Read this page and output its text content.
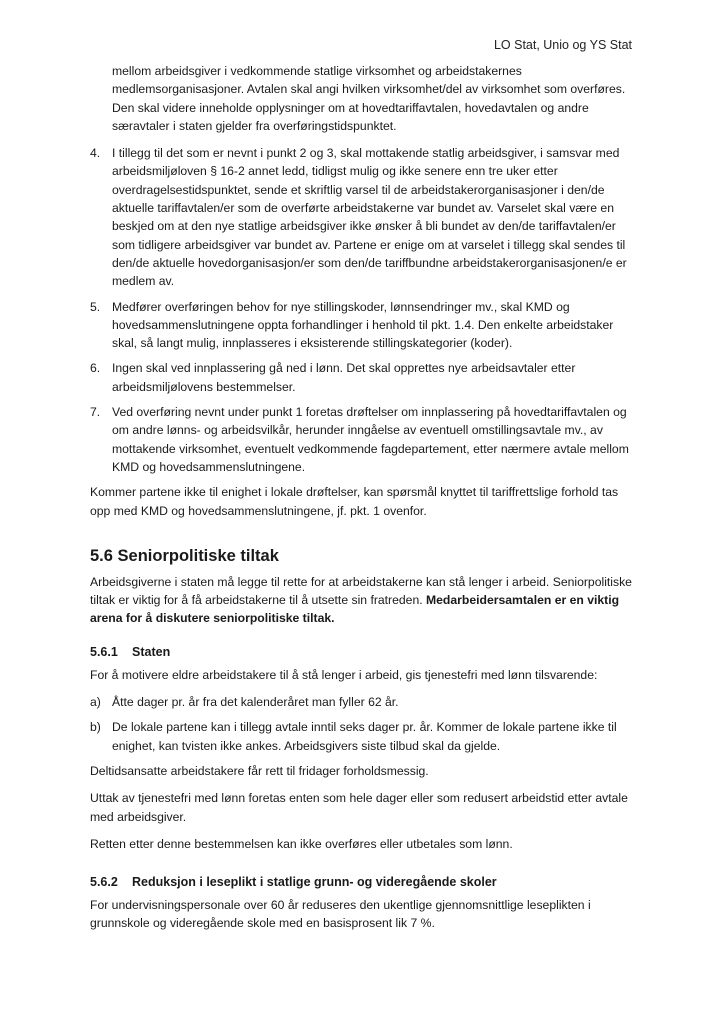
LO Stat, Unio og YS Stat

mellom arbeidsgiver i vedkommende statlige virksomhet og arbeidstakernes medlemsorganisasjoner. Avtalen skal angi hvilken virksomhet/del av virksomhet som overføres. Den skal videre inneholde opplysninger om at hovedtariffavtalen, hovedavtalen og andre særavtaler i staten gjelder fra overføringstidspunktet.

4. I tillegg til det som er nevnt i punkt 2 og 3, skal mottakende statlig arbeidsgiver, i samsvar med arbeidsmiljøloven § 16-2 annet ledd, tidligst mulig og ikke senere enn tre uker etter overdragelsestidspunktet, sende et skriftlig varsel til de arbeidstakerorganisasjoner i den/de aktuelle tariffavtalen/er som de overførte arbeidstakerne var bundet av. Varselet skal være en beskjed om at den nye statlige arbeidsgiver ikke ønsker å bli bundet av den/de tariffavtalen/er som tidligere arbeidsgiver var bundet av. Partene er enige om at varselet i tillegg skal sendes til den/de aktuelle hovedorganisasjon/er som den/de tariffbundne arbeidstakerorganisasjonen/e er medlem av.
5. Medfører overføringen behov for nye stillingskoder, lønnsendringer mv., skal KMD og hovedsammenslutningene oppta forhandlinger i henhold til pkt. 1.4. Den enkelte arbeidstaker skal, så langt mulig, innplasseres i eksisterende stillingskategorier (koder).
6. Ingen skal ved innplassering gå ned i lønn. Det skal opprettes nye arbeidsavtaler etter arbeidsmiljølovens bestemmelser.
7. Ved overføring nevnt under punkt 1 foretas drøftelser om innplassering på hovedtariffavtalen og om andre lønns- og arbeidsvilkår, herunder inngåelse av eventuell omstillingsavtale mv., av mottakende virksomhet, eventuelt vedkommende fagdepartement, etter nærmere avtale mellom KMD og hovedsammenslutningene.

Kommer partene ikke til enighet i lokale drøftelser, kan spørsmål knyttet til tariffrettslige forhold tas opp med KMD og hovedsammenslutningene, jf. pkt. 1 ovenfor.

5.6 Seniorpolitiske tiltak

Arbeidsgiverne i staten må legge til rette for at arbeidstakerne kan stå lenger i arbeid. Seniorpolitiske tiltak er viktig for å få arbeidstakerne til å utsette sin fratreden. Medarbeidersamtalen er en viktig arena for å diskutere seniorpolitiske tiltak.

5.6.1 Staten

For å motivere eldre arbeidstakere til å stå lenger i arbeid, gis tjenestefri med lønn tilsvarende:

a) Åtte dager pr. år fra det kalenderåret man fyller 62 år.
b) De lokale partene kan i tillegg avtale inntil seks dager pr. år. Kommer de lokale partene ikke til enighet, kan tvisten ikke ankes. Arbeidsgivers siste tilbud skal da gjelde.

Deltidsansatte arbeidstakere får rett til fridager forholdsmessig.

Uttak av tjenestefri med lønn foretas enten som hele dager eller som redusert arbeidstid etter avtale med arbeidsgiver.

Retten etter denne bestemmelsen kan ikke overføres eller utbetales som lønn.

5.6.2 Reduksjon i leseplikt i statlige grunn- og videregående skoler

For undervisningspersonale over 60 år reduseres den ukentlige gjennomsnittlige leseplikten i grunnskole og videregående skole med en basisprosent lik 7 %.
